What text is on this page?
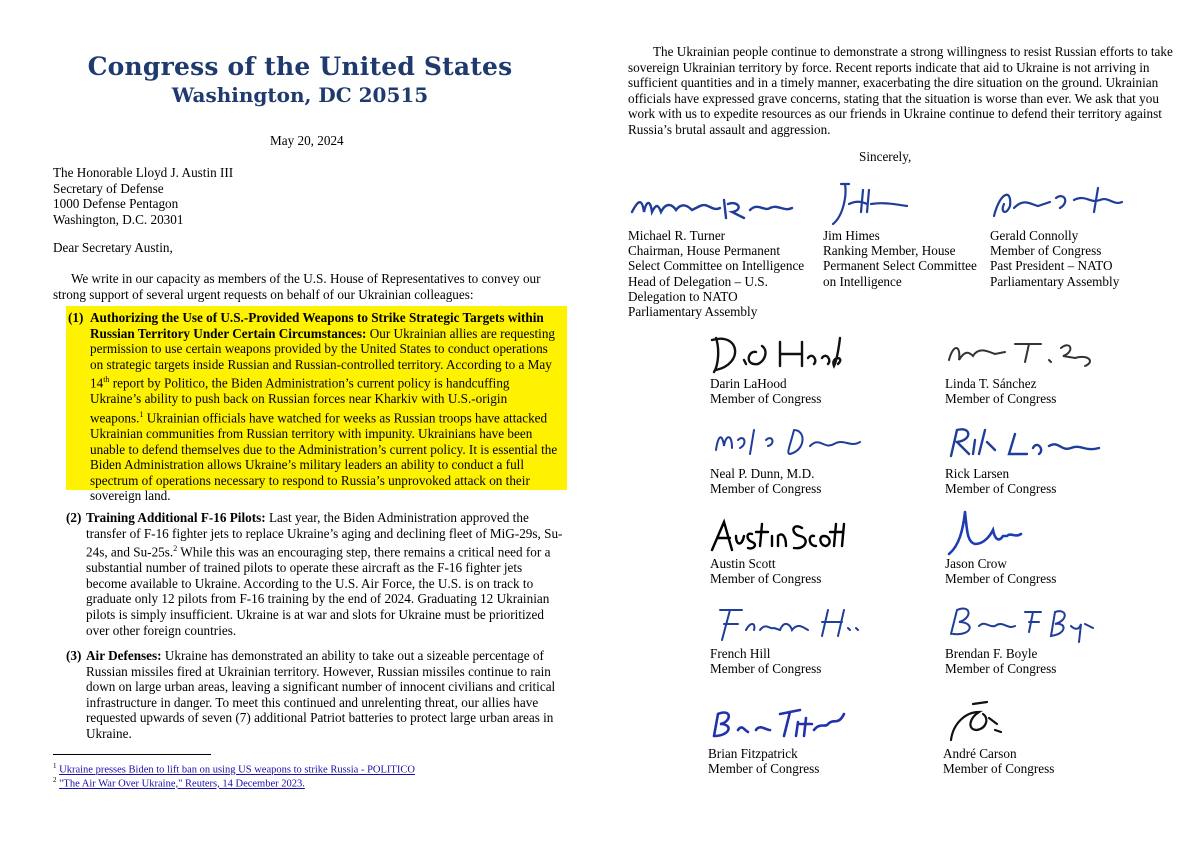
Congress of the United States
Washington, DC 20515
May 20, 2024
The Honorable Lloyd J. Austin III
Secretary of Defense
1000 Defense Pentagon
Washington, D.C. 20301
Dear Secretary Austin,
We write in our capacity as members of the U.S. House of Representatives to convey our strong support of several urgent requests on behalf of our Ukrainian colleagues:
(1) Authorizing the Use of U.S.-Provided Weapons to Strike Strategic Targets within Russian Territory Under Certain Circumstances: Our Ukrainian allies are requesting permission to use certain weapons provided by the United States to conduct operations on strategic targets inside Russian and Russian-controlled territory. According to a May 14th report by Politico, the Biden Administration’s current policy is handcuffing Ukraine’s ability to push back on Russian forces near Kharkiv with U.S.-origin weapons.$^1$ Ukrainian officials have watched for weeks as Russian troops have attacked Ukrainian communities from Russian territory with impunity. Ukrainians have been unable to defend themselves due to the Administration’s current policy. It is essential the Biden Administration allows Ukraine’s military leaders an ability to conduct a full spectrum of operations necessary to respond to Russia’s unprovoked attack on their sovereign land.
(2) Training Additional F-16 Pilots: Last year, the Biden Administration approved the transfer of F-16 fighter jets to replace Ukraine’s aging and declining fleet of MiG-29s, Su-24s, and Su-25s.$^2$ While this was an encouraging step, there remains a critical need for a substantial number of trained pilots to operate these aircraft as the F-16 fighter jets become available to Ukraine. According to the U.S. Air Force, the U.S. is on track to graduate only 12 pilots from F-16 training by the end of 2024. Graduating 12 Ukrainian pilots is simply insufficient. Ukraine is at war and slots for Ukraine must be prioritized over other foreign countries.
(3) Air Defenses: Ukraine has demonstrated an ability to take out a sizeable percentage of Russian missiles fired at Ukrainian territory. However, Russian missiles continue to rain down on large urban areas, leaving a significant number of innocent civilians and critical infrastructure in danger. To meet this continued and unrelenting threat, our allies have requested upwards of seven (7) additional Patriot batteries to protect large urban areas in Ukraine.
$^1$ Ukraine presses Biden to lift ban on using US weapons to strike Russia - POLITICO
$^2$ "The Air War Over Ukraine," Reuters, 14 December 2023.
The Ukrainian people continue to demonstrate a strong willingness to resist Russian efforts to take sovereign Ukrainian territory by force. Recent reports indicate that aid to Ukraine is not arriving in sufficient quantities and in a timely manner, exacerbating the dire situation on the ground. Ukrainian officials have expressed grave concerns, stating that the situation is worse than ever. We ask that you work with us to expedite resources as our friends in Ukraine continue to defend their territory against Russia’s brutal assault and aggression.
Sincerely,
Michael R. Turner
Chairman, House Permanent
Select Committee on Intelligence
Head of Delegation – U.S.
Delegation to NATO
Parliamentary Assembly
Jim Himes
Ranking Member, House
Permanent Select Committee
on Intelligence
Gerald Connolly
Member of Congress
Past President – NATO
Parliamentary Assembly
Darin LaHood
Member of Congress
Linda T. Sánchez
Member of Congress
Neal P. Dunn, M.D.
Member of Congress
Rick Larsen
Member of Congress
Austin Scott
Member of Congress
Jason Crow
Member of Congress
French Hill
Member of Congress
Brendan F. Boyle
Member of Congress
Brian Fitzpatrick
Member of Congress
André Carson
Member of Congress
